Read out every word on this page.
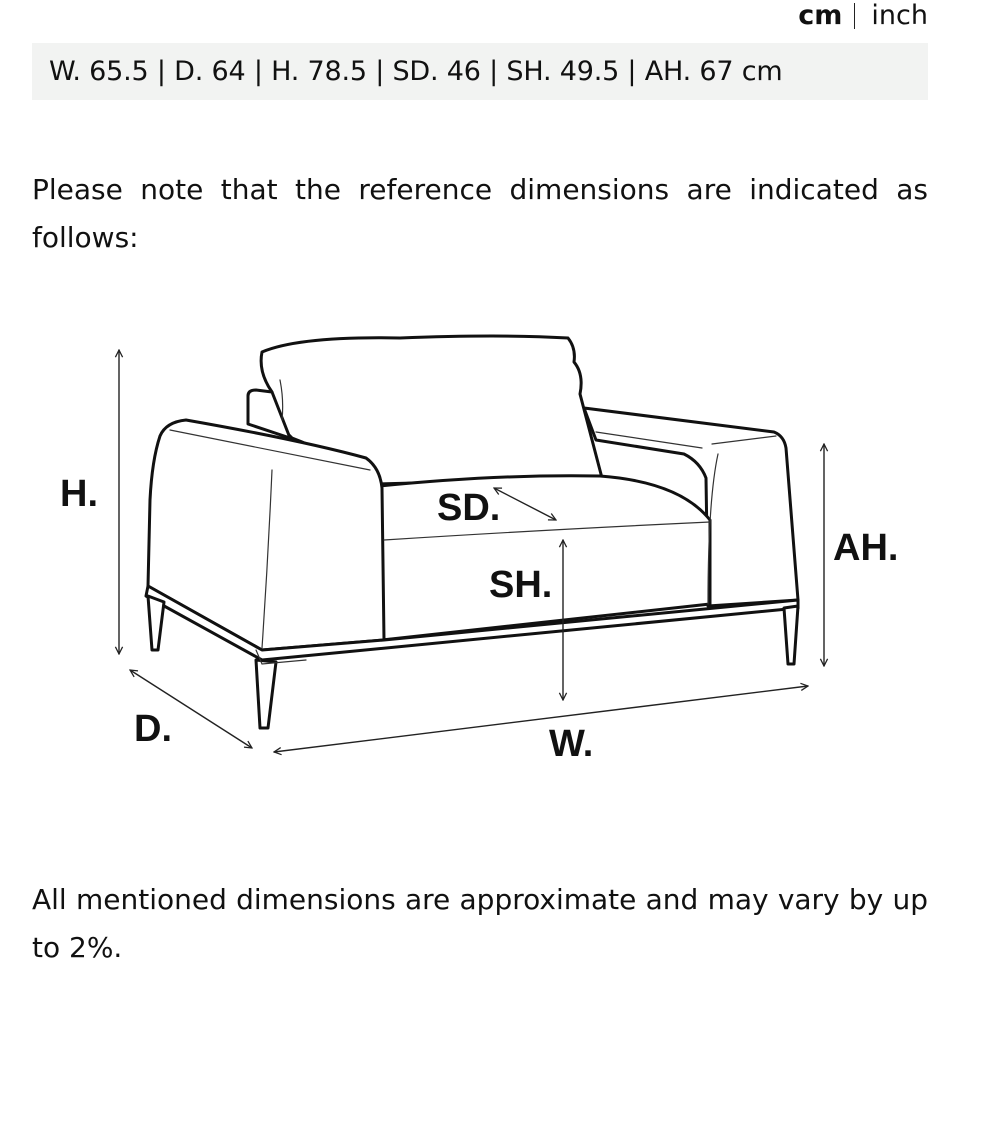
cm inch
W. 65.5 | D. 64 | H. 78.5 | SD. 46 | SH. 49.5 | AH. 67 cm

Please note that the reference dimensions are indicated as follows:

H.	SD.
AH.
SH.
D.	W.

All mentioned dimensions are approximate and may vary by up to 2%.
